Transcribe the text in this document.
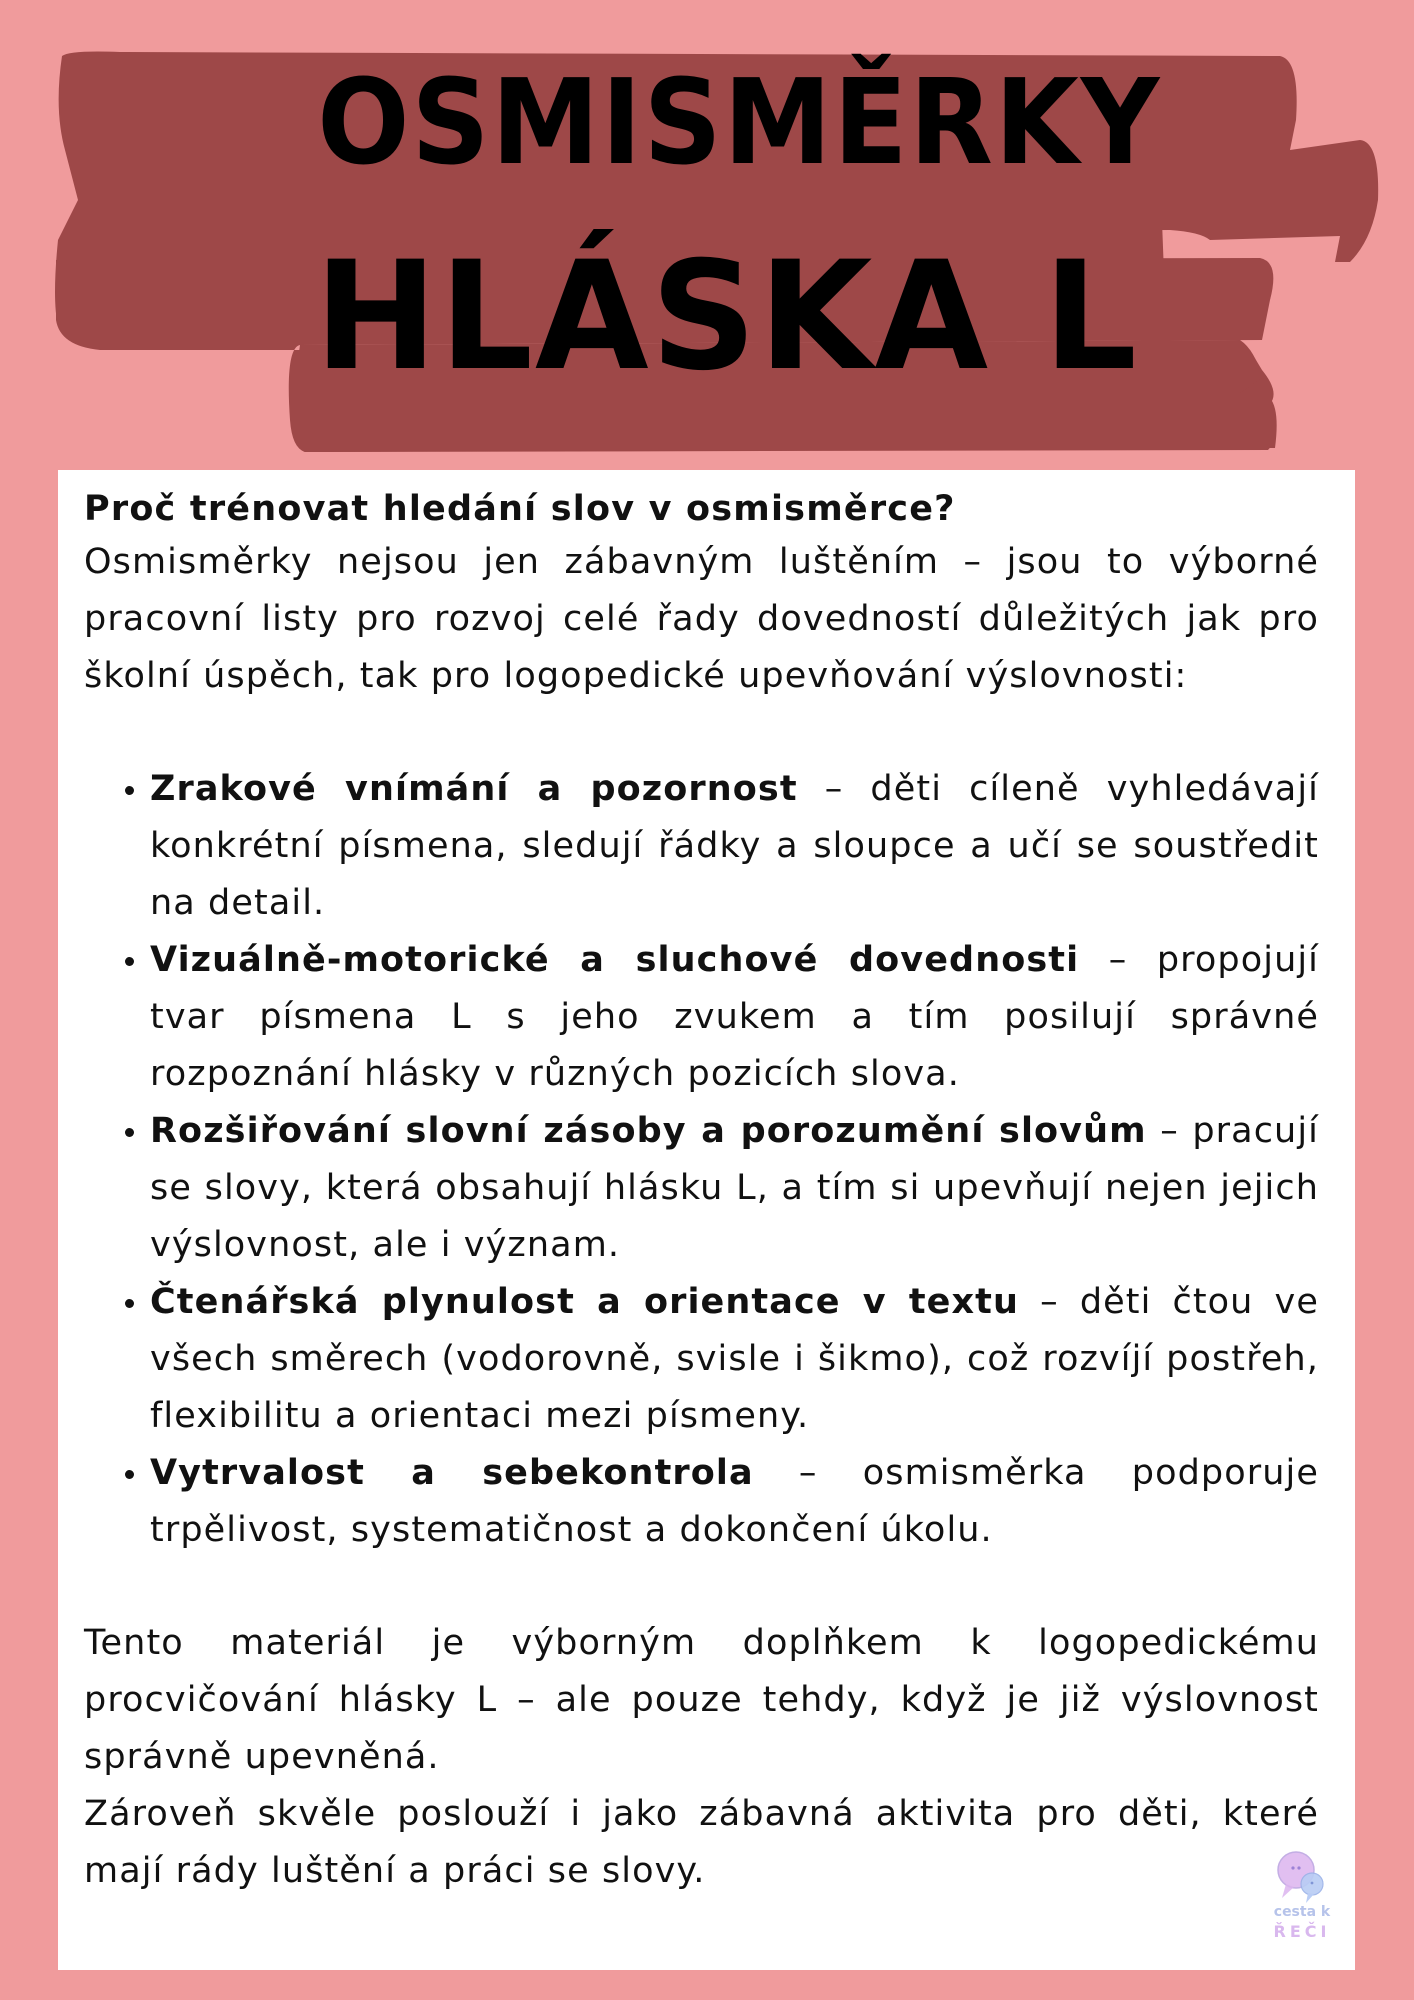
OSMISMĚRKY
HLÁSKA L

Proč trénovat hledání slov v osmisměrce?

Osmisměrky nejsou jen zábavným luštěním – jsou to výborné pracovní listy pro rozvoj celé řady dovedností důležitých jak pro školní úspěch, tak pro logopedické upevňování výslovnosti:

• Zrakové vnímání a pozornost – děti cíleně vyhledávají konkrétní písmena, sledují řádky a sloupce a učí se soustředit na detail.
• Vizuálně-motorické a sluchové dovednosti – propojují tvar písmena L s jeho zvukem a tím posilují správné rozpoznání hlásky v různých pozicích slova.
• Rozšiřování slovní zásoby a porozumění slovům – pracují se slovy, která obsahují hlásku L, a tím si upevňují nejen jejich výslovnost, ale i význam.
• Čtenářská plynulost a orientace v textu – děti čtou ve všech směrech (vodorovně, svisle i šikmo), což rozvíjí postřeh, flexibilitu a orientaci mezi písmeny.
• Vytrvalost a sebekontrola – osmisměrka podporuje trpělivost, systematičnost a dokončení úkolu.

Tento materiál je výborným doplňkem k logopedickému procvičování hlásky L – ale pouze tehdy, když je již výslovnost správně upevněná.

Zároveň skvěle poslouží i jako zábavná aktivita pro děti, které mají rády luštění a práci se slovy.

cesta k
ŘEČI
